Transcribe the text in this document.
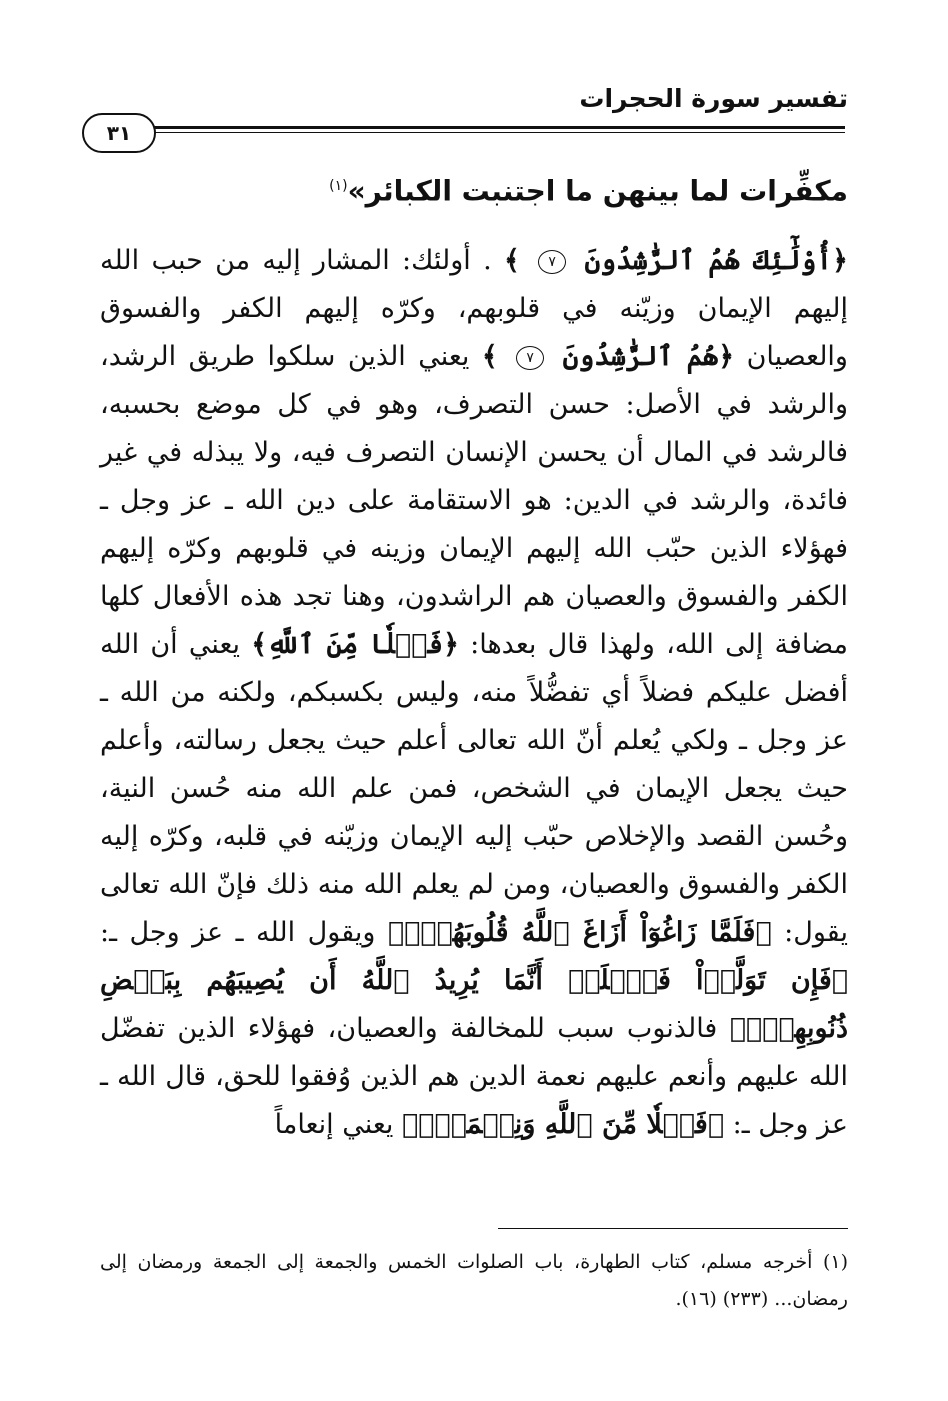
تفسير سورة الحجرات
٣١

مكفِّرات لما بينهن ما اجتنبت الكبائر»$^{(١)}$

﴿أُوْلَٰٓئِكَ هُمُ ٱلرَّٰشِدُونَ ٧ ﴾ . أولئك: المشار إليه من حبب الله إليهم الإيمان وزيّنه في قلوبهم، وكرّه إليهم الكفر والفسوق والعصيان ﴿هُمُ ٱلرَّٰشِدُونَ ٧ ﴾ يعني الذين سلكوا طريق الرشد، والرشد في الأصل: حسن التصرف، وهو في كل موضع بحسبه، فالرشد في المال أن يحسن الإنسان التصرف فيه، ولا يبذله في غير فائدة، والرشد في الدين: هو الاستقامة على دين الله ـ عز وجل ـ فهؤلاء الذين حبّب الله إليهم الإيمان وزينه في قلوبهم وكرّه إليهم الكفر والفسوق والعصيان هم الراشدون، وهنا تجد هذه الأفعال كلها مضافة إلى الله، ولهذا قال بعدها: ﴿فَضۡلٗا مِّنَ ٱللَّهِ﴾ يعني أن الله أفضل عليكم فضلاً أي تفضُّلاً منه، وليس بكسبكم، ولكنه من الله ـ عز وجل ـ ولكي يُعلم أنّ الله تعالى أعلم حيث يجعل رسالته، وأعلم حيث يجعل الإيمان في الشخص، فمن علم الله منه حُسن النية، وحُسن القصد والإخلاص حبّب إليه الإيمان وزيّنه في قلبه، وكرّه إليه الكفر والفسوق والعصيان، ومن لم يعلم الله منه ذلك فإنّ الله تعالى يقول: ﴿فَلَمَّا زَاغُوٓاْ أَزَاغَ ٱللَّهُ قُلُوبَهُمۡۚ﴾ ويقول الله ـ عز وجل ـ: ﴿فَإِن تَوَلَّوۡاْ فَٱعۡلَمۡ أَنَّمَا يُرِيدُ ٱللَّهُ أَن يُصِيبَهُم بِبَعۡضِ ذُنُوبِهِمۡۗ﴾ فالذنوب سبب للمخالفة والعصيان، فهؤلاء الذين تفضّل الله عليهم وأنعم عليهم نعمة الدين هم الذين وُفقوا للحق، قال الله ـ عز وجل ـ: ﴿فَضۡلٗا مِّنَ ٱللَّهِ وَنِعۡمَةٗۚ﴾ يعني إنعاماً

(١) أخرجه مسلم، كتاب الطهارة، باب الصلوات الخمس والجمعة إلى الجمعة ورمضان إلى رمضان... (٢٣٣) (١٦).
